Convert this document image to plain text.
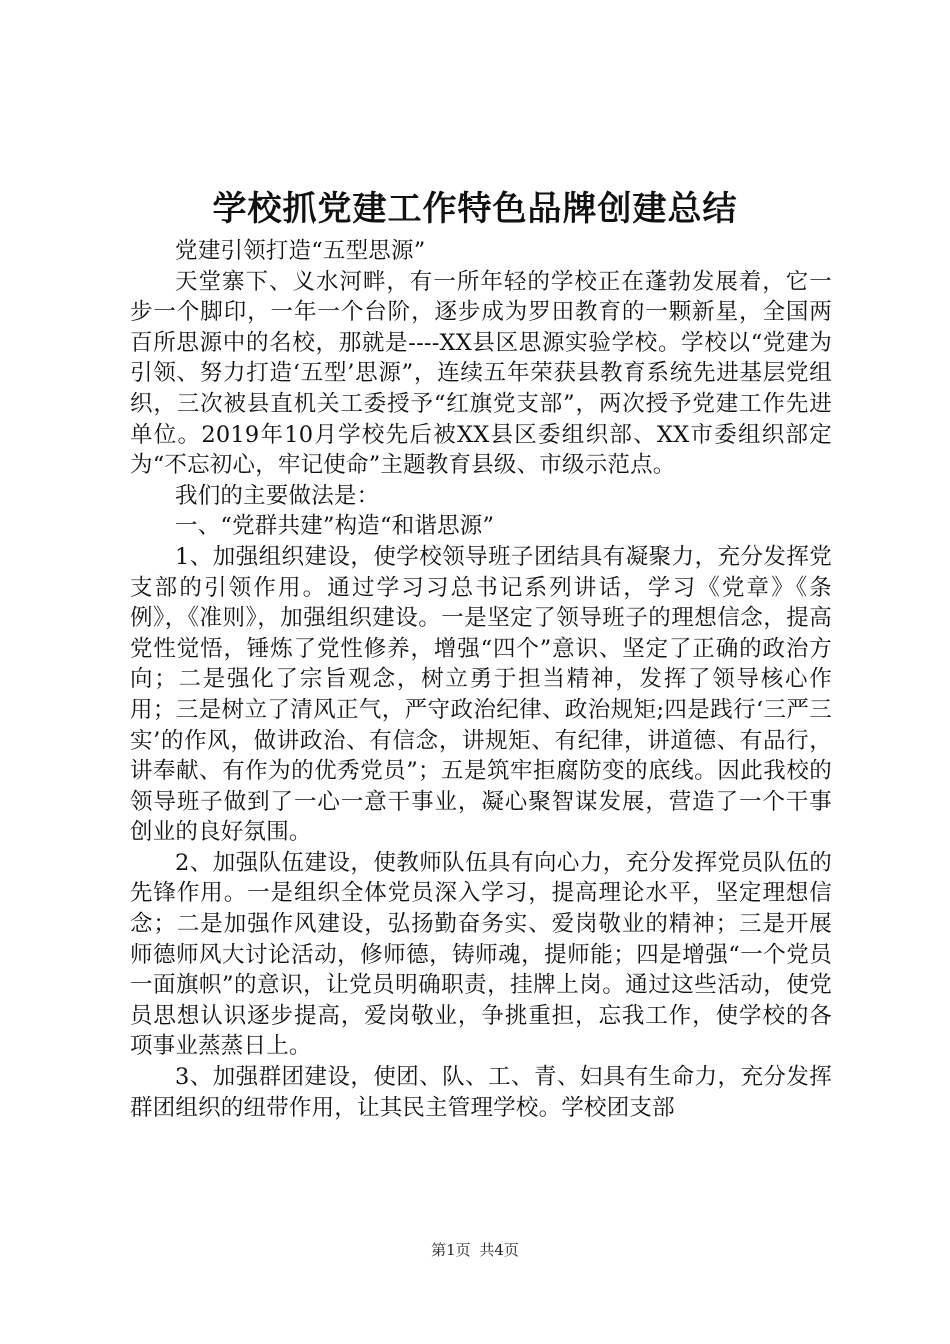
学校抓党建工作特色品牌创建总结

党建引领打造“五型思源”

天堂寨下、义水河畔，有一所年轻的学校正在蓬勃发展着，它一步一个脚印，一年一个台阶，逐步成为罗田教育的一颗新星，全国两百所思源中的名校，那就是----XX县区思源实验学校。学校以“党建为引领、努力打造‘五型’思源”，连续五年荣获县教育系统先进基层党组织，三次被县直机关工委授予“红旗党支部”，两次授予党建工作先进单位。2019年10月学校先后被XX县区委组织部、XX市委组织部定为“不忘初心，牢记使命”主题教育县级、市级示范点。

我们的主要做法是：

一、“党群共建”构造“和谐思源”

1、加强组织建设，使学校领导班子团结具有凝聚力，充分发挥党支部的引领作用。通过学习习总书记系列讲话，学习《党章》《条例》，《准则》，加强组织建设。一是坚定了领导班子的理想信念，提高党性觉悟，锤炼了党性修养，增强“四个”意识、坚定了正确的政治方向；二是强化了宗旨观念，树立勇于担当精神，发挥了领导核心作用；三是树立了清风正气，严守政治纪律、政治规矩;四是践行‘三严三实’的作风，做讲政治、有信念，讲规矩、有纪律，讲道德、有品行，讲奉献、有作为的优秀党员”；五是筑牢拒腐防变的底线。因此我校的领导班子做到了一心一意干事业，凝心聚智谋发展，营造了一个干事创业的良好氛围。

2、加强队伍建设，使教师队伍具有向心力，充分发挥党员队伍的先锋作用。一是组织全体党员深入学习，提高理论水平，坚定理想信念；二是加强作风建设，弘扬勤奋务实、爱岗敬业的精神；三是开展师德师风大讨论活动，修师德，铸师魂，提师能；四是增强“一个党员一面旗帜”的意识，让党员明确职责，挂牌上岗。通过这些活动，使党员思想认识逐步提高，爱岗敬业，争挑重担，忘我工作，使学校的各项事业蒸蒸日上。

3、加强群团建设，使团、队、工、青、妇具有生命力，充分发挥群团组织的纽带作用，让其民主管理学校。学校团支部

第1页 共4页
